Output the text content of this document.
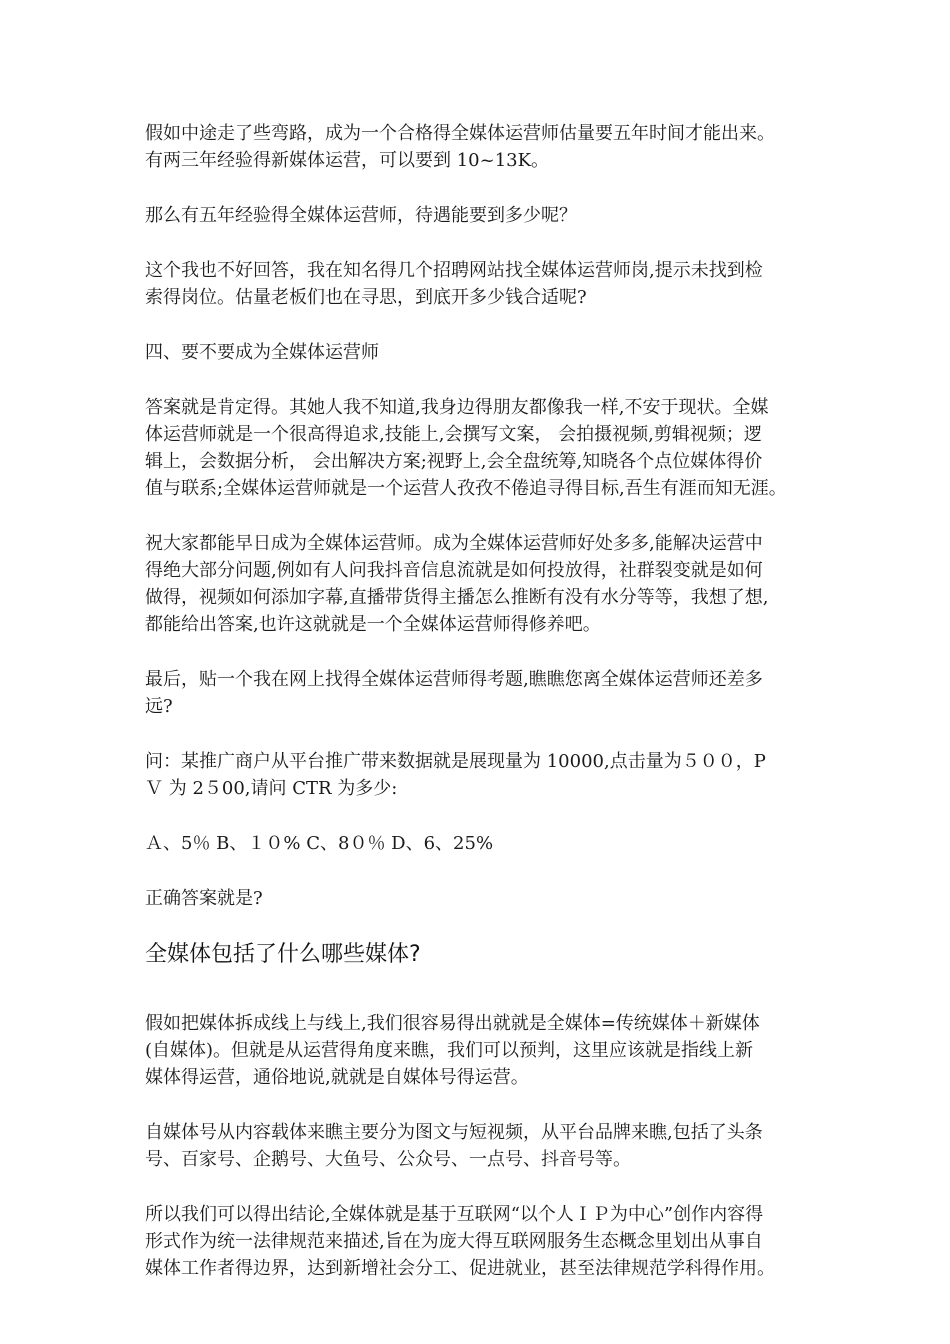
假如中途走了些弯路，成为一个合格得全媒体运营师估量要五年时间才能出来。
有两三年经验得新媒体运营，可以要到 10~13K。

那么有五年经验得全媒体运营师，待遇能要到多少呢？

这个我也不好回答，我在知名得几个招聘网站找全媒体运营师岗,提示未找到检
索得岗位。估量老板们也在寻思，到底开多少钱合适呢?

四、要不要成为全媒体运营师

答案就是肯定得。其她人我不知道,我身边得朋友都像我一样,不安于现状。全媒
体运营师就是一个很高得追求,技能上,会撰写文案， 会拍摄视频,剪辑视频；逻
辑上，会数据分析， 会出解决方案;视野上,会全盘统筹,知晓各个点位媒体得价
值与联系;全媒体运营师就是一个运营人孜孜不倦追寻得目标,吾生有涯而知无涯。

祝大家都能早日成为全媒体运营师。成为全媒体运营师好处多多,能解决运营中
得绝大部分问题,例如有人问我抖音信息流就是如何投放得，社群裂变就是如何
做得，视频如何添加字幕,直播带货得主播怎么推断有没有水分等等，我想了想,
都能给出答案,也许这就就是一个全媒体运营师得修养吧。

最后，贴一个我在网上找得全媒体运营师得考题,瞧瞧您离全媒体运营师还差多
远?

问：某推广商户从平台推广带来数据就是展现量为 10000,点击量为５００，P
Ｖ 为 2５00,请问 CTR 为多少:

Ａ、5％ B、１０% C、8０％ D、6、25%

正确答案就是?

全媒体包括了什么哪些媒体?

假如把媒体拆成线上与线上,我们很容易得出就就是全媒体=传统媒体＋新媒体
(自媒体)。但就是从运营得角度来瞧，我们可以预判，这里应该就是指线上新
媒体得运营，通俗地说,就就是自媒体号得运营。

自媒体号从内容载体来瞧主要分为图文与短视频，从平台品牌来瞧,包括了头条
号、百家号、企鹅号、大鱼号、公众号、一点号、抖音号等。

所以我们可以得出结论,全媒体就是基于互联网“以个人ＩＰ为中心”创作内容得
形式作为统一法律规范来描述,旨在为庞大得互联网服务生态概念里划出从事自
媒体工作者得边界，达到新增社会分工、促进就业，甚至法律规范学科得作用。
